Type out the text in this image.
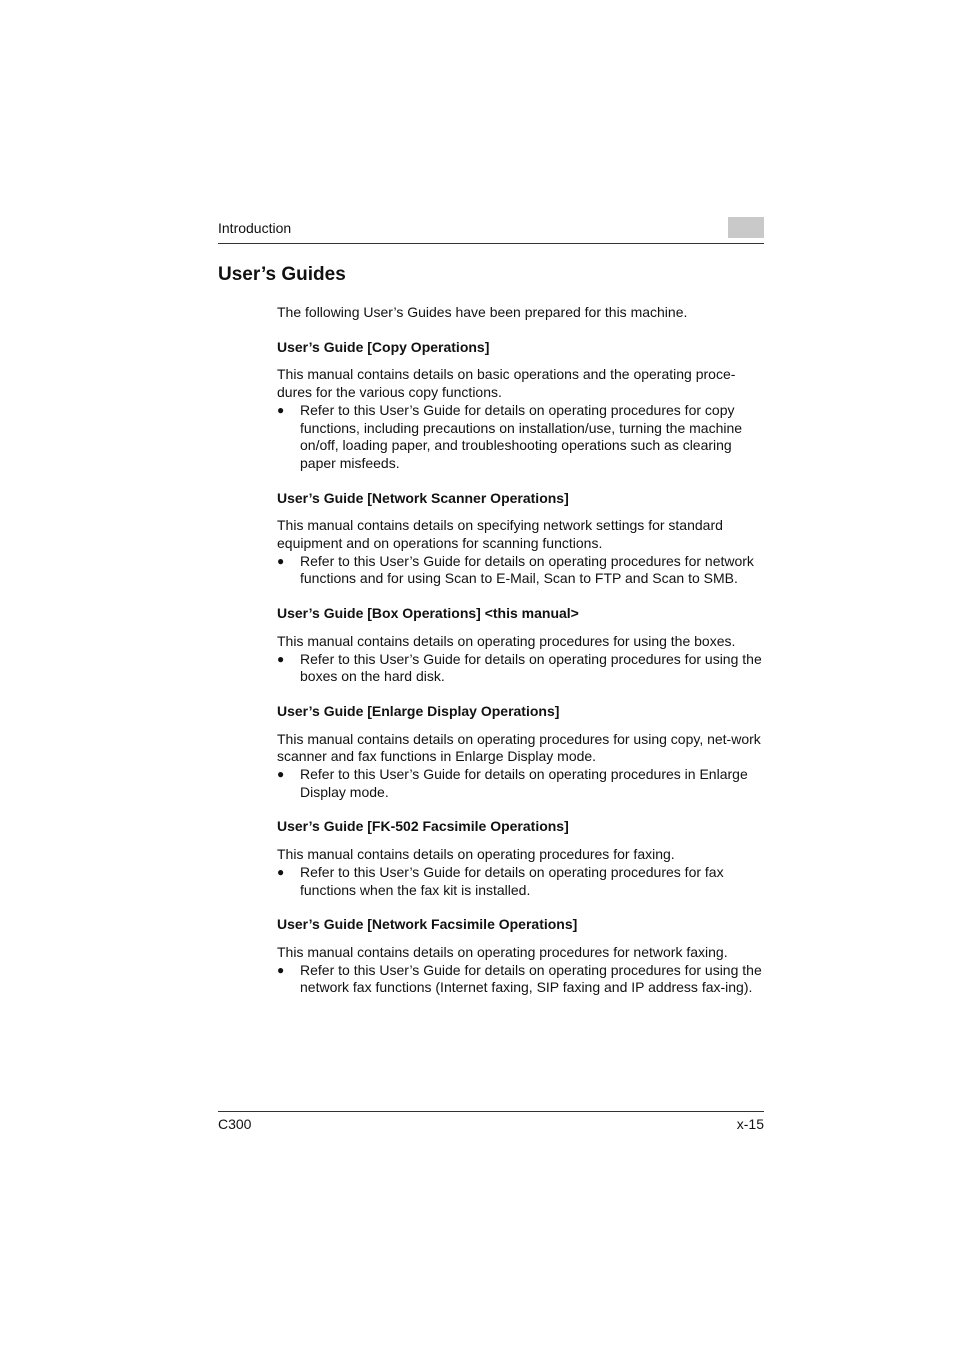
Introduction
User’s Guides

The following User’s Guides have been prepared for this machine.

User’s Guide [Copy Operations]

This manual contains details on basic operations and the operating proce-dures for the various copy functions.

● Refer to this User’s Guide for details on operating procedures for copy functions, including precautions on installation/use, turning the machine on/off, loading paper, and troubleshooting operations such as clearing paper misfeeds.
User’s Guide [Network Scanner Operations]

This manual contains details on specifying network settings for standard equipment and on operations for scanning functions.

● Refer to this User’s Guide for details on operating procedures for network functions and for using Scan to E-Mail, Scan to FTP and Scan to SMB.
User’s Guide [Box Operations] <this manual>

This manual contains details on operating procedures for using the boxes.

● Refer to this User’s Guide for details on operating procedures for using the boxes on the hard disk.
User’s Guide [Enlarge Display Operations]

This manual contains details on operating procedures for using copy, net-work scanner and fax functions in Enlarge Display mode.

● Refer to this User’s Guide for details on operating procedures in Enlarge Display mode.
User’s Guide [FK-502 Facsimile Operations]

This manual contains details on operating procedures for faxing.

● Refer to this User’s Guide for details on operating procedures for fax functions when the fax kit is installed.
User’s Guide [Network Facsimile Operations]

This manual contains details on operating procedures for network faxing.

● Refer to this User’s Guide for details on operating procedures for using the network fax functions (Internet faxing, SIP faxing and IP address fax-ing).
C300	x-15
